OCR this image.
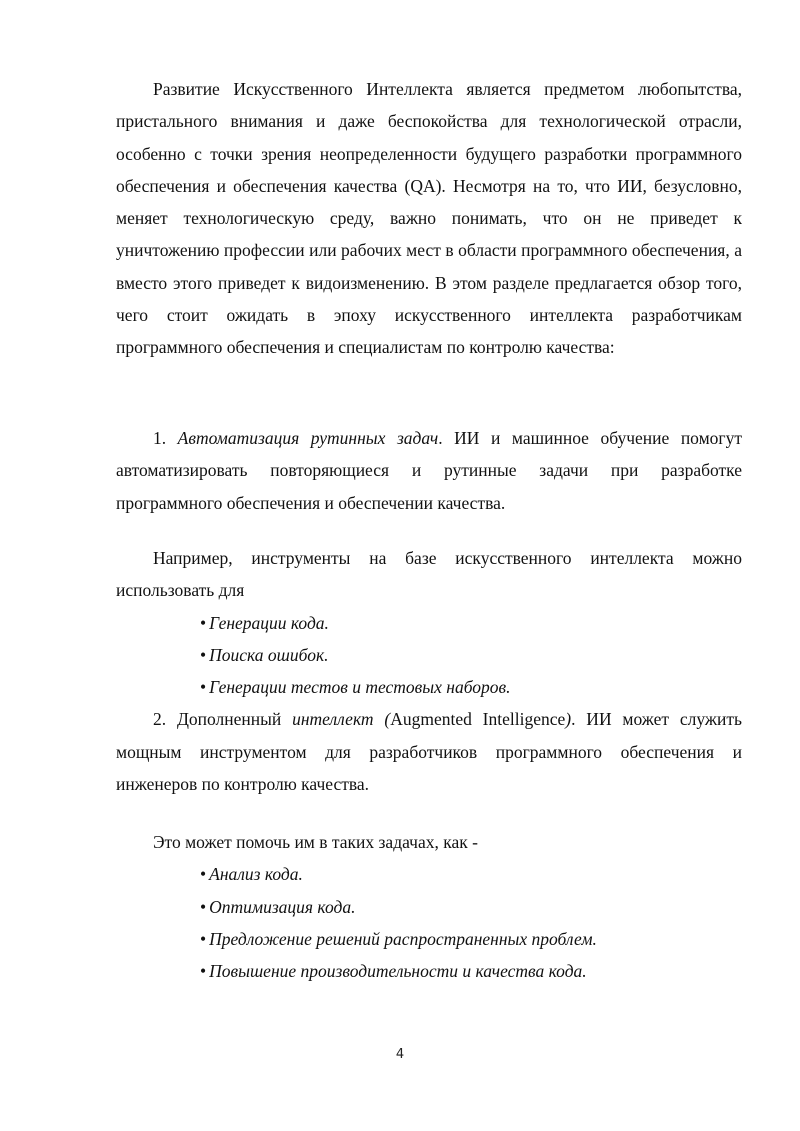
Развитие Искусственного Интеллекта является предметом любопытства, пристального внимания и даже беспокойства для технологической отрасли, особенно с точки зрения неопределенности будущего разработки программного обеспечения и обеспечения качества (QA). Несмотря на то, что ИИ, безусловно, меняет технологическую среду, важно понимать, что он не приведет к уничтожению профессии или рабочих мест в области программного обеспечения, а вместо этого приведет к видоизменению. В этом разделе предлагается обзор того, чего стоит ожидать в эпоху искусственного интеллекта разработчикам программного обеспечения и специалистам по контролю качества:

1. Автоматизация рутинных задач. ИИ и машинное обучение помогут автоматизировать повторяющиеся и рутинные задачи при разработке программного обеспечения и обеспечении качества.

Например, инструменты на базе искусственного интеллекта можно использовать для

• Генерации кода.
• Поиска ошибок.
• Генерации тестов и тестовых наборов.

2. Дополненный интеллект (Augmented Intelligence). ИИ может служить мощным инструментом для разработчиков программного обеспечения и инженеров по контролю качества.

Это может помочь им в таких задачах, как -

• Анализ кода.
• Оптимизация кода.
• Предложение решений распространенных проблем.
• Повышение производительности и качества кода.
4
